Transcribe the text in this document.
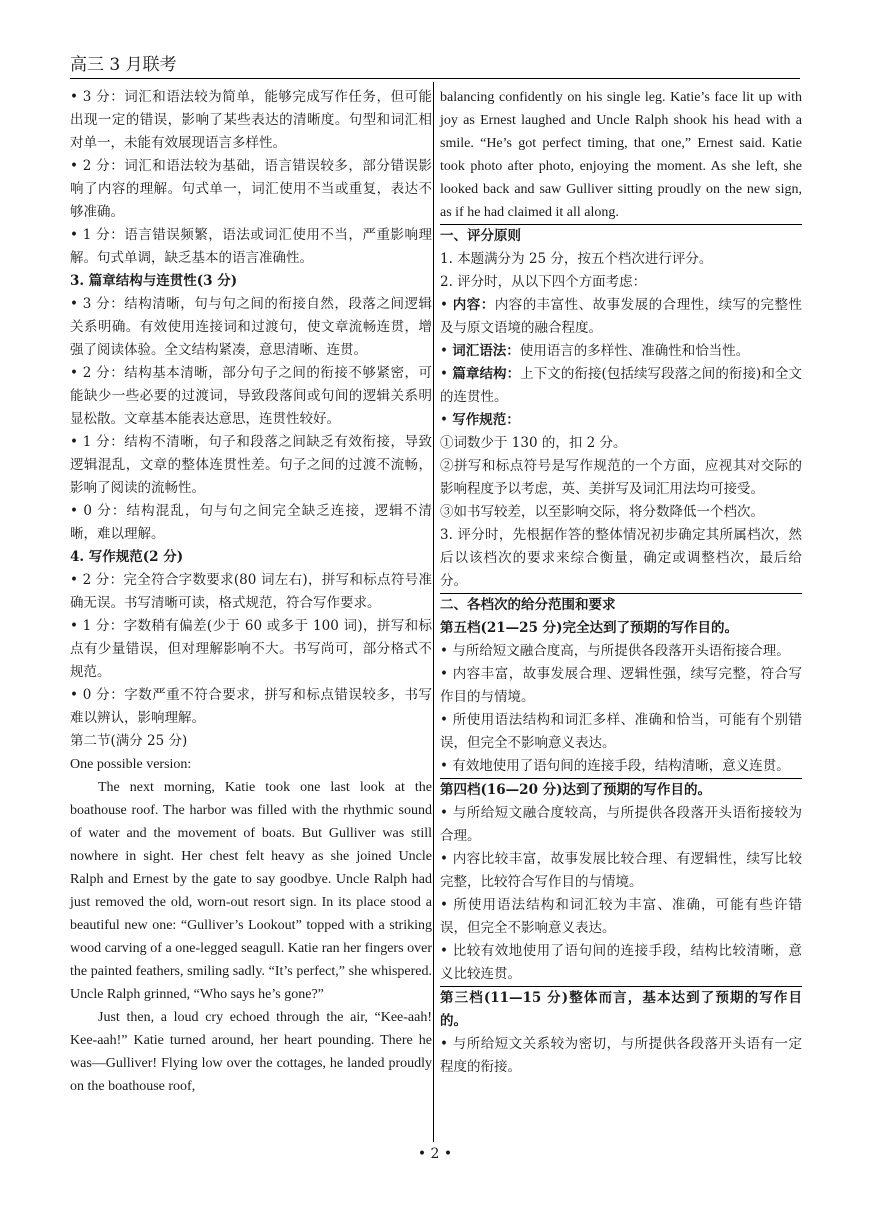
高三 3 月联考

• 3 分：词汇和语法较为简单，能够完成写作任务，但可能出现一定的错误，影响了某些表达的清晰度。句型和词汇相对单一，未能有效展现语言多样性。

• 2 分：词汇和语法较为基础，语言错误较多，部分错误影响了内容的理解。句式单一，词汇使用不当或重复，表达不够准确。

• 1 分：语言错误频繁，语法或词汇使用不当，严重影响理解。句式单调，缺乏基本的语言准确性。

3. 篇章结构与连贯性(3 分)

• 3 分：结构清晰，句与句之间的衔接自然，段落之间逻辑关系明确。有效使用连接词和过渡句，使文章流畅连贯，增强了阅读体验。全文结构紧凑，意思清晰、连贯。

• 2 分：结构基本清晰，部分句子之间的衔接不够紧密，可能缺少一些必要的过渡词，导致段落间或句间的逻辑关系明显松散。文章基本能表达意思，连贯性较好。

• 1 分：结构不清晰，句子和段落之间缺乏有效衔接，导致逻辑混乱，文章的整体连贯性差。句子之间的过渡不流畅，影响了阅读的流畅性。

• 0 分：结构混乱，句与句之间完全缺乏连接，逻辑不清晰，难以理解。

4. 写作规范(2 分)

• 2 分：完全符合字数要求(80 词左右)，拼写和标点符号准确无误。书写清晰可读，格式规范，符合写作要求。

• 1 分：字数稍有偏差(少于 60 或多于 100 词)，拼写和标点有少量错误，但对理解影响不大。书写尚可，部分格式不规范。

• 0 分：字数严重不符合要求，拼写和标点错误较多，书写难以辨认，影响理解。

第二节(满分 25 分)

One possible version:

The next morning, Katie took one last look at the boathouse roof. The harbor was filled with the rhythmic sound of water and the movement of boats. But Gulliver was still nowhere in sight. Her chest felt heavy as she joined Uncle Ralph and Ernest by the gate to say goodbye. Uncle Ralph had just removed the old, worn-out resort sign. In its place stood a beautiful new one: “Gulliver’s Lookout” topped with a striking wood carving of a one-legged seagull. Katie ran her fingers over the painted feathers, smiling sadly. “It’s perfect,” she whispered. Uncle Ralph grinned, “Who says he’s gone?”

Just then, a loud cry echoed through the air, “Kee-aah! Kee-aah!” Katie turned around, her heart pounding. There he was—Gulliver! Flying low over the cottages, he landed proudly on the boathouse roof,

balancing confidently on his single leg. Katie’s face lit up with joy as Ernest laughed and Uncle Ralph shook his head with a smile. “He’s got perfect timing, that one,” Ernest said. Katie took photo after photo, enjoying the moment. As she left, she looked back and saw Gulliver sitting proudly on the new sign, as if he had claimed it all along.

一、评分原则

1. 本题满分为 25 分，按五个档次进行评分。

2. 评分时，从以下四个方面考虑：

• 内容：内容的丰富性、故事发展的合理性，续写的完整性及与原文语境的融合程度。

• 词汇语法：使用语言的多样性、准确性和恰当性。

• 篇章结构：上下文的衔接(包括续写段落之间的衔接)和全文的连贯性。

• 写作规范：

①词数少于 130 的，扣 2 分。

②拼写和标点符号是写作规范的一个方面，应视其对交际的影响程度予以考虑，英、美拼写及词汇用法均可接受。

③如书写较差，以至影响交际，将分数降低一个档次。

3. 评分时，先根据作答的整体情况初步确定其所属档次，然后以该档次的要求来综合衡量，确定或调整档次，最后给分。

二、各档次的给分范围和要求

第五档(21—25 分)完全达到了预期的写作目的。

• 与所给短文融合度高，与所提供各段落开头语衔接合理。

• 内容丰富，故事发展合理、逻辑性强，续写完整，符合写作目的与情境。

• 所使用语法结构和词汇多样、准确和恰当，可能有个别错误，但完全不影响意义表达。

• 有效地使用了语句间的连接手段，结构清晰，意义连贯。

第四档(16—20 分)达到了预期的写作目的。

• 与所给短文融合度较高，与所提供各段落开头语衔接较为合理。

• 内容比较丰富，故事发展比较合理、有逻辑性，续写比较完整，比较符合写作目的与情境。

• 所使用语法结构和词汇较为丰富、准确，可能有些许错误，但完全不影响意义表达。

• 比较有效地使用了语句间的连接手段，结构比较清晰，意义比较连贯。

第三档(11—15 分)整体而言，基本达到了预期的写作目的。

• 与所给短文关系较为密切，与所提供各段落开头语有一定程度的衔接。

• 2 •
